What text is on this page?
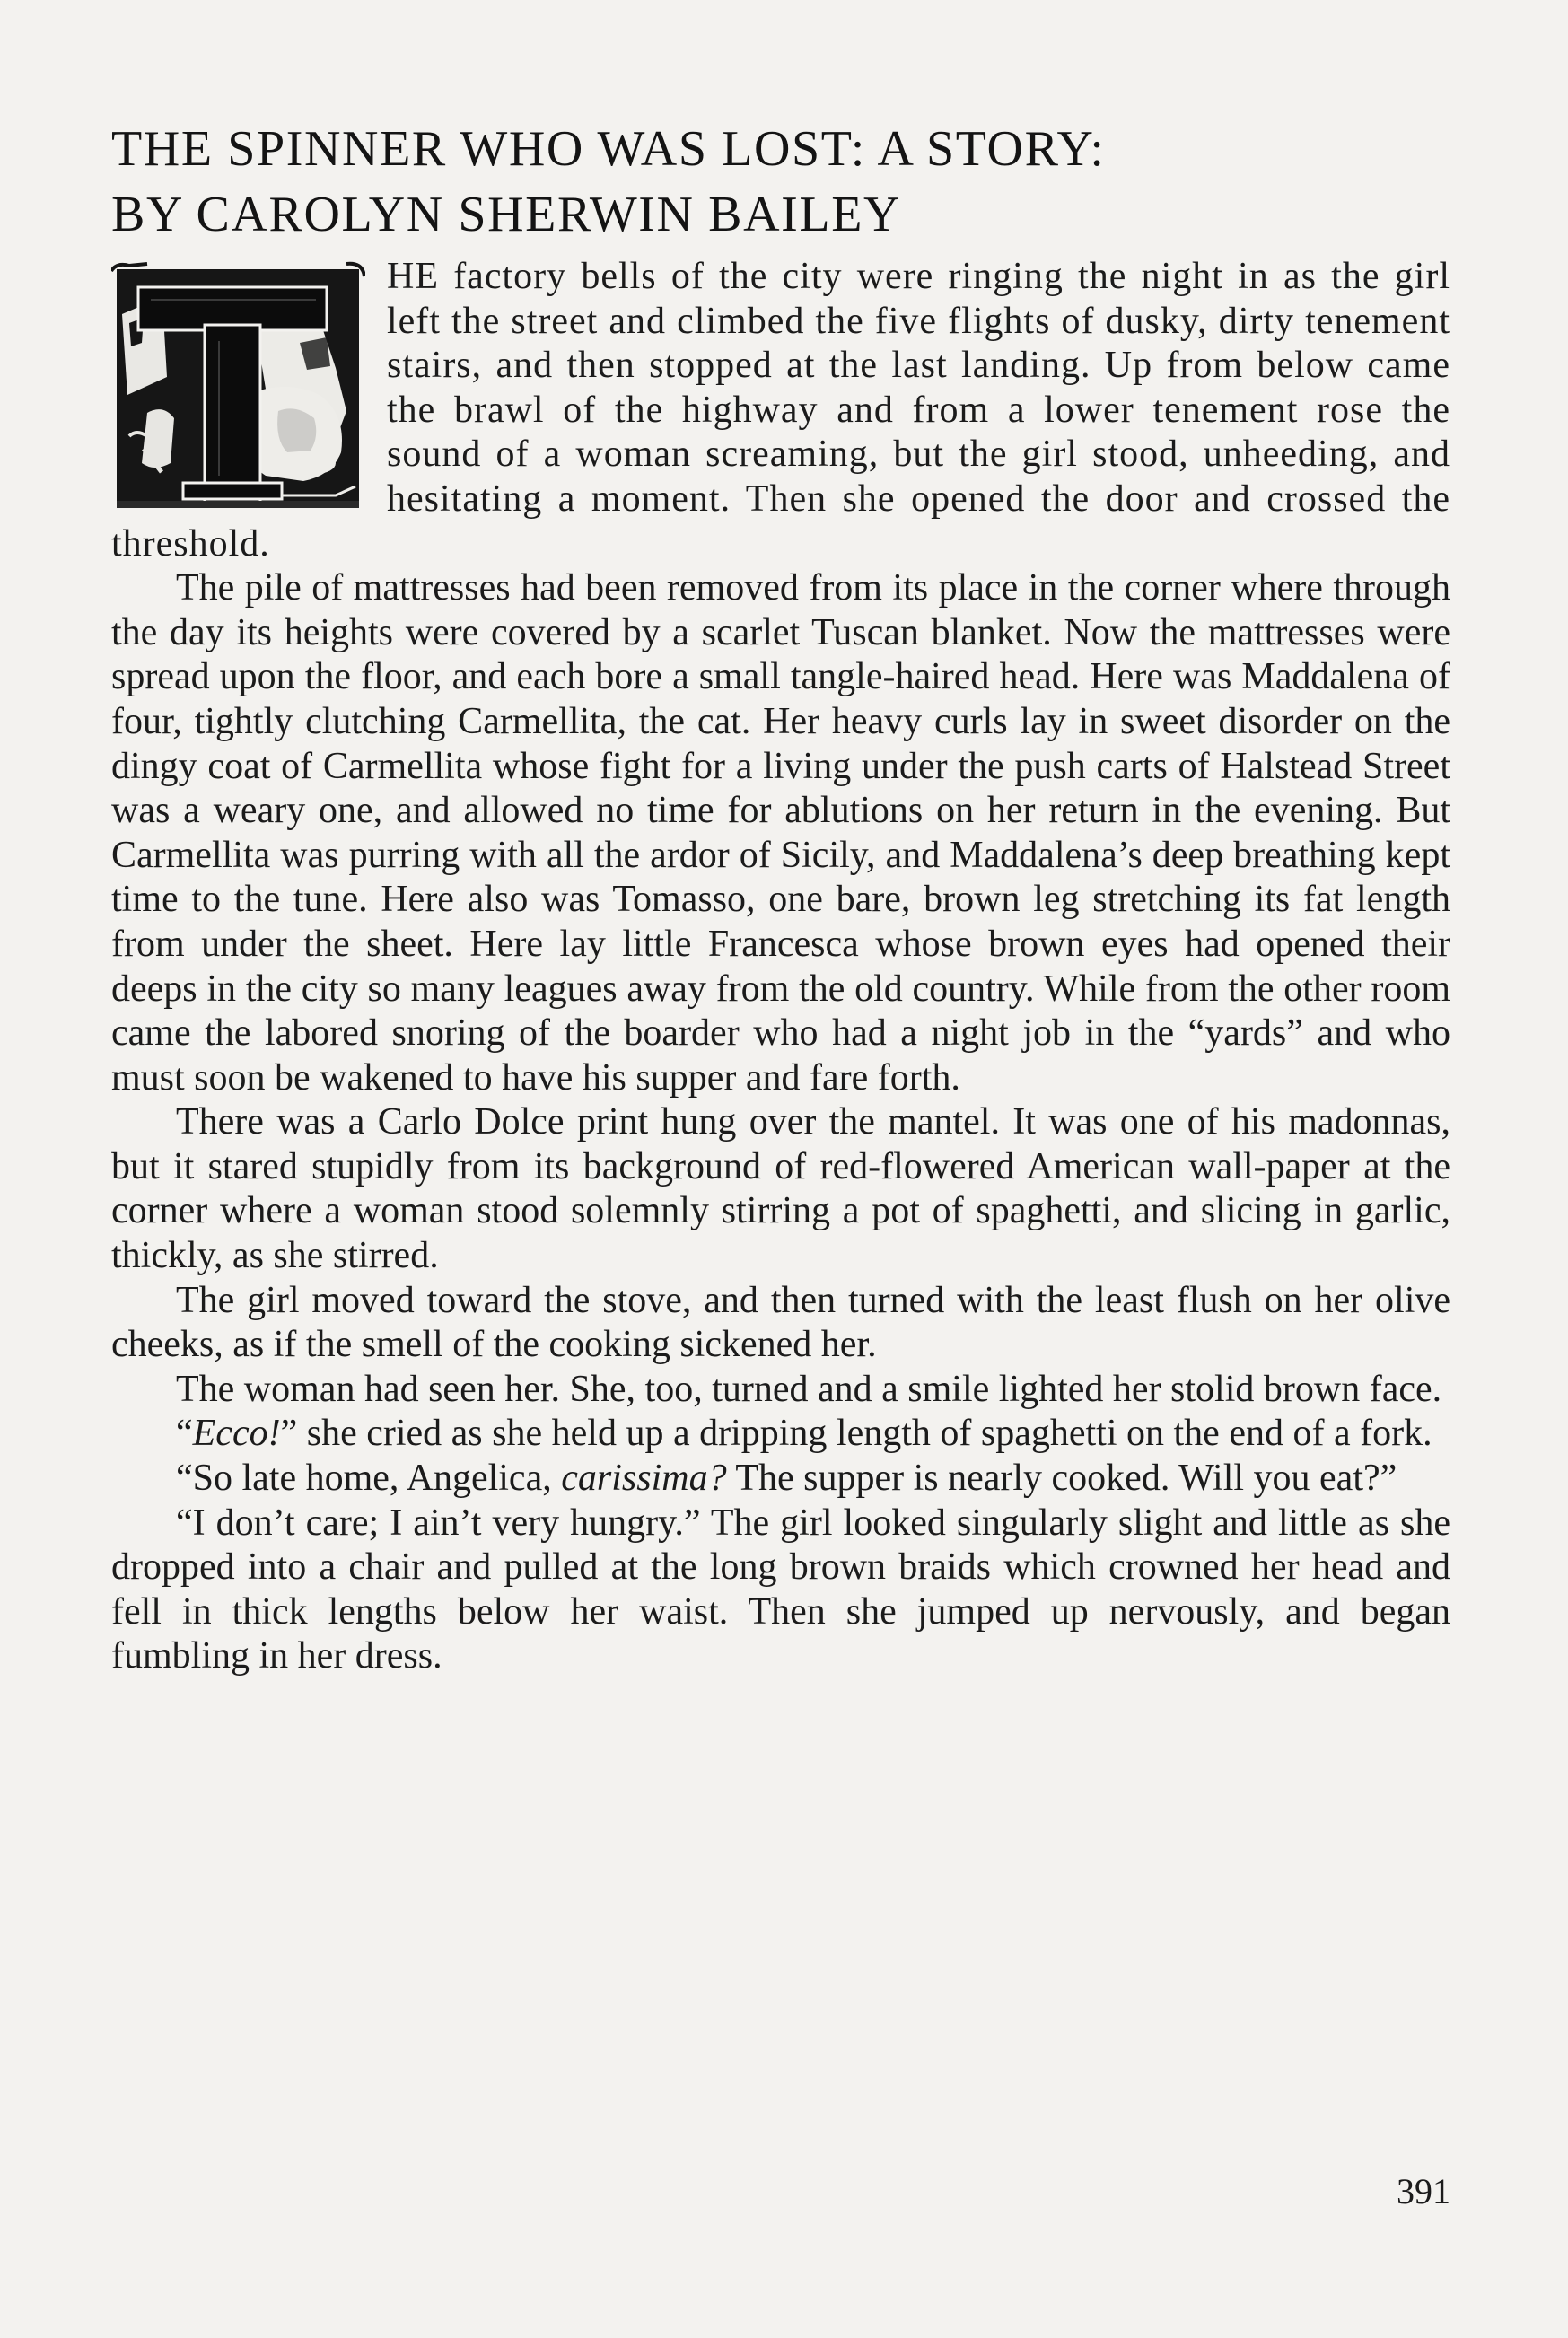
THE SPINNER WHO WAS LOST: A STORY:
BY CAROLYN SHERWIN BAILEY

HE factory bells of the city were ringing the night in as the girl left the street and climbed the five flights of dusky, dirty tenement stairs, and then stopped at the last landing. Up from below came the brawl of the highway and from a lower tenement rose the sound of a woman screaming, but the girl stood, unheeding, and hesitating a moment. Then she opened the door and crossed the threshold.

The pile of mattresses had been removed from its place in the corner where through the day its heights were covered by a scarlet Tuscan blanket. Now the mattresses were spread upon the floor, and each bore a small tangle-haired head. Here was Maddalena of four, tightly clutching Carmellita, the cat. Her heavy curls lay in sweet disorder on the dingy coat of Carmellita whose fight for a living under the push carts of Halstead Street was a weary one, and allowed no time for ablutions on her return in the evening. But Carmellita was purring with all the ardor of Sicily, and Maddalena’s deep breathing kept time to the tune. Here also was Tomasso, one bare, brown leg stretching its fat length from under the sheet. Here lay little Francesca whose brown eyes had opened their deeps in the city so many leagues away from the old country. While from the other room came the labored snoring of the boarder who had a night job in the “yards” and who must soon be wakened to have his supper and fare forth.

There was a Carlo Dolce print hung over the mantel. It was one of his madonnas, but it stared stupidly from its background of red-flowered American wall-paper at the corner where a woman stood solemnly stirring a pot of spaghetti, and slicing in garlic, thickly, as she stirred.

The girl moved toward the stove, and then turned with the least flush on her olive cheeks, as if the smell of the cooking sickened her.

The woman had seen her. She, too, turned and a smile lighted her stolid brown face.

“Ecco!” she cried as she held up a dripping length of spaghetti on the end of a fork.

“So late home, Angelica, carissima? The supper is nearly cooked. Will you eat?”

“I don’t care; I ain’t very hungry.” The girl looked singularly slight and little as she dropped into a chair and pulled at the long brown braids which crowned her head and fell in thick lengths below her waist. Then she jumped up nervously, and began fumbling in her dress.

391
